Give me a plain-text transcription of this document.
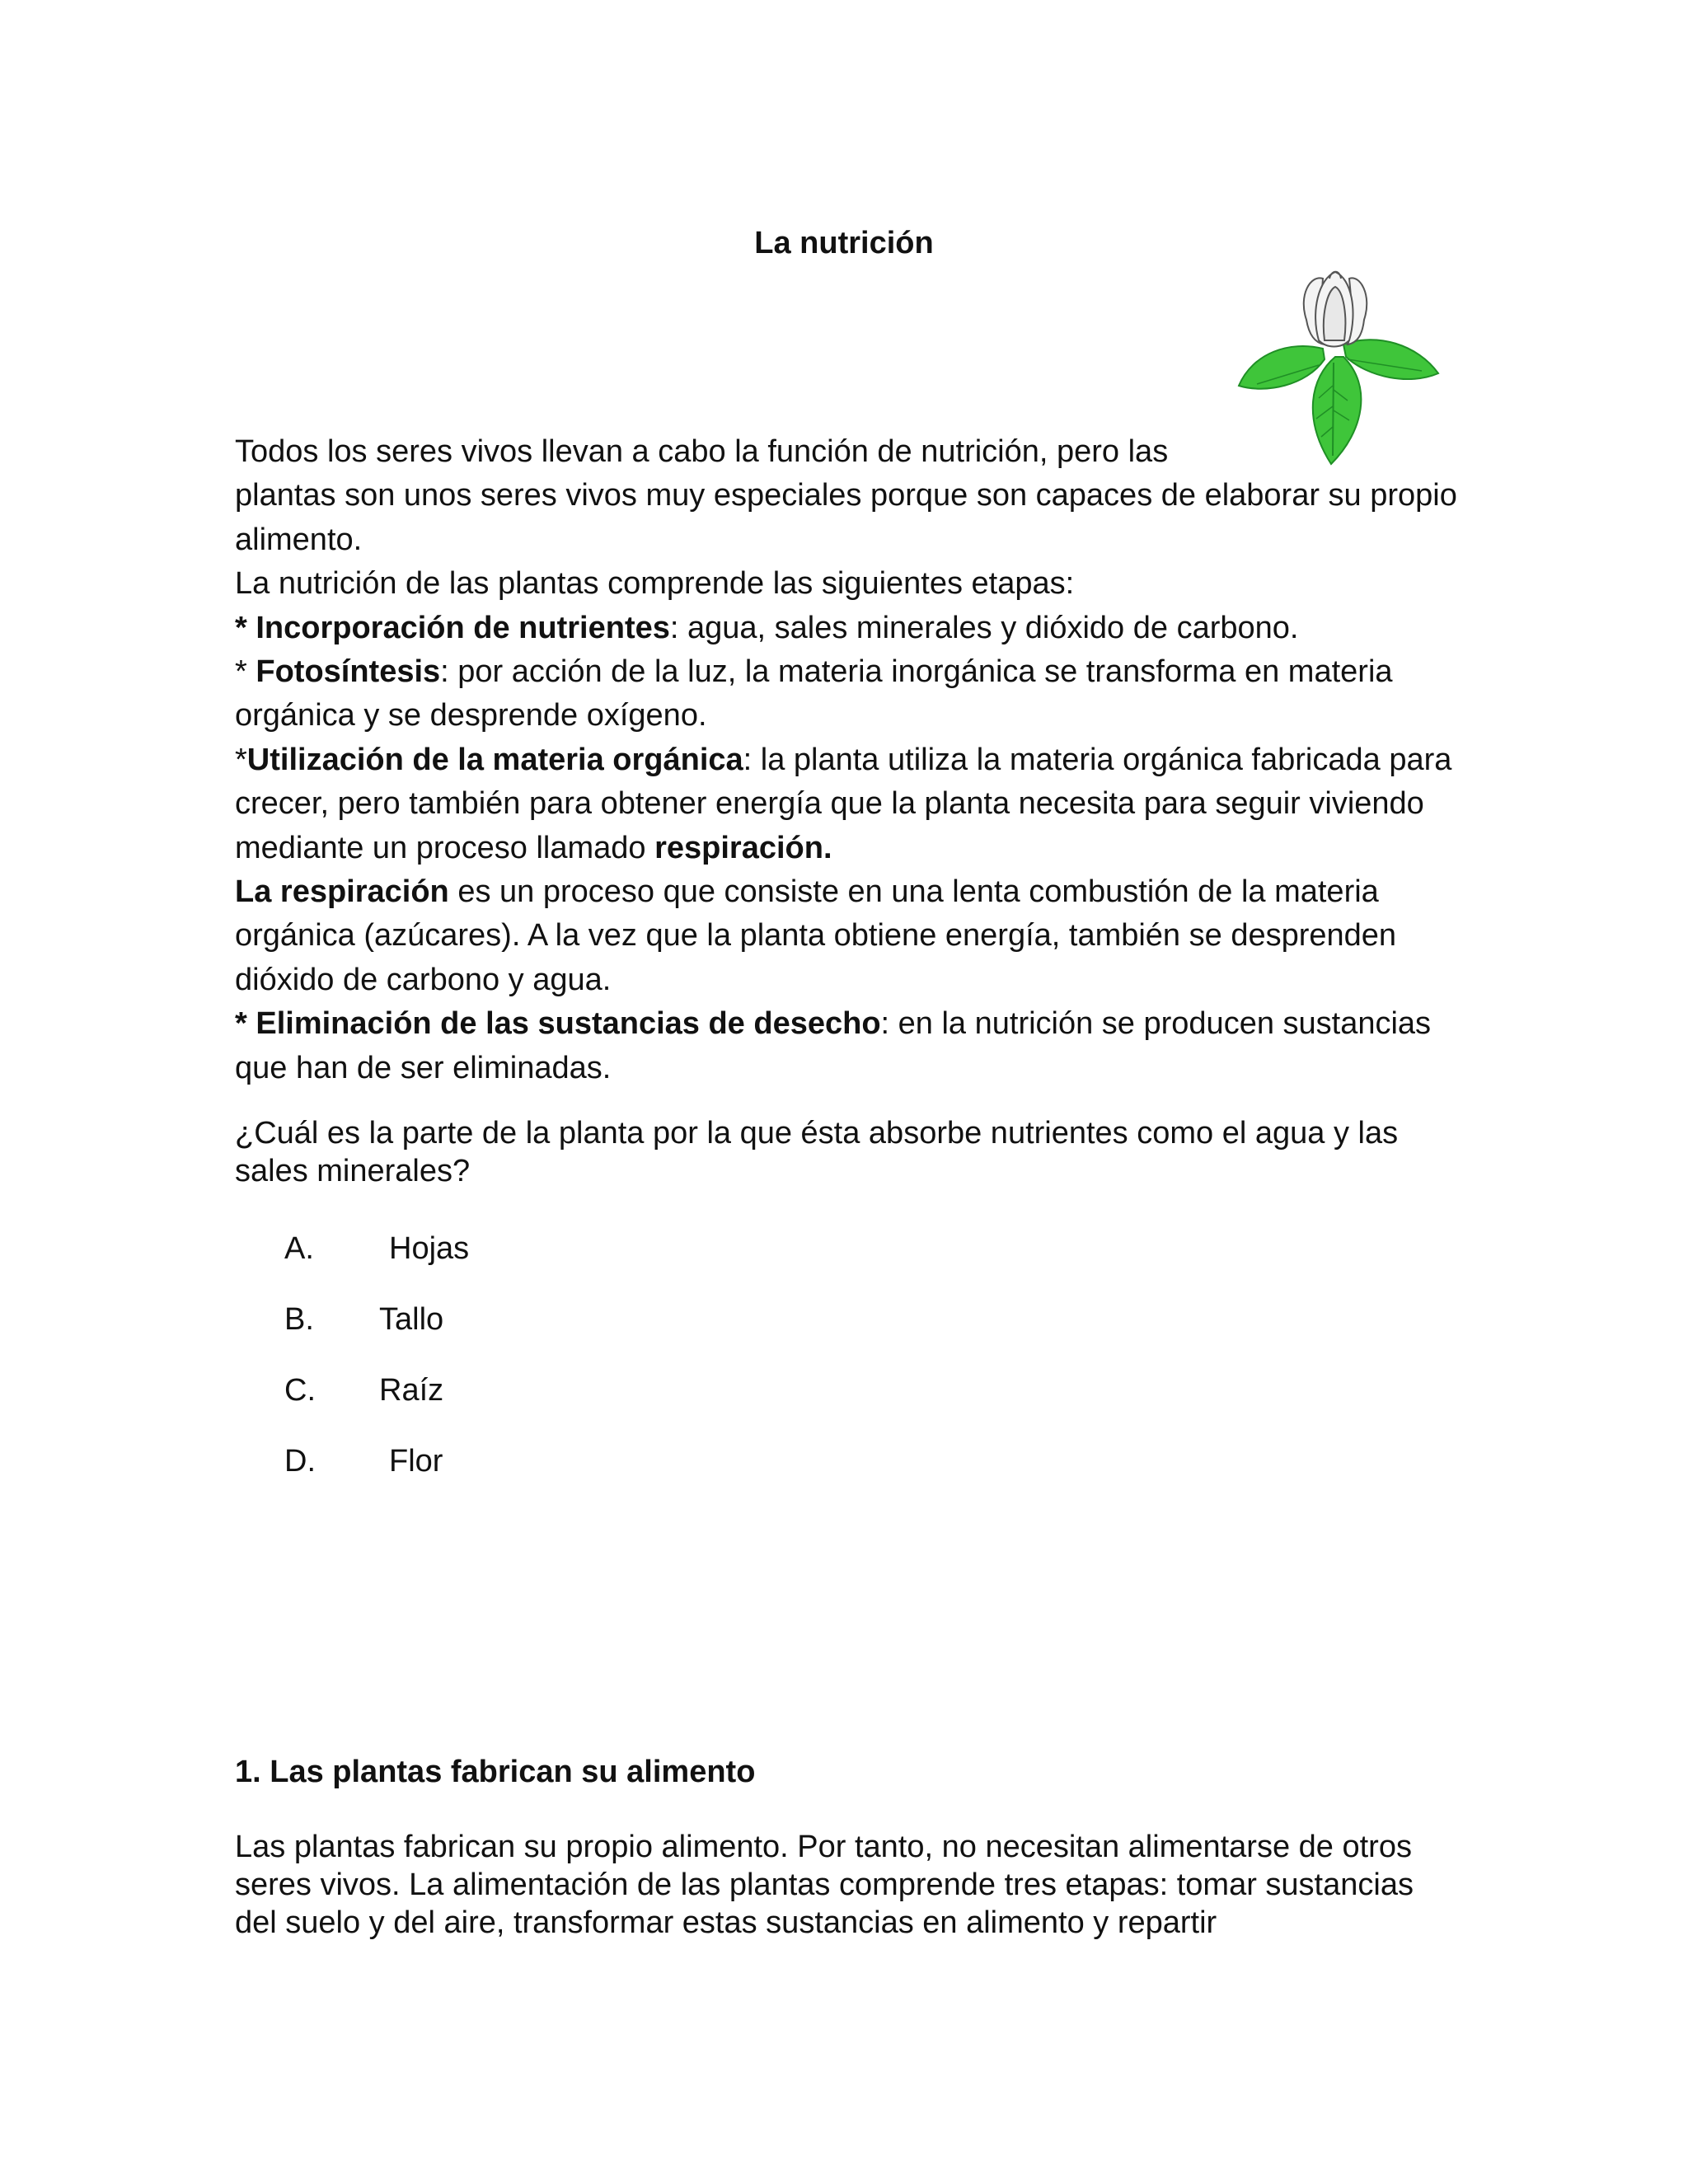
La nutrición

Todos los seres vivos llevan a cabo la función de nutrición, pero las

plantas son unos seres vivos muy especiales porque son capaces de elaborar su propio alimento.

La nutrición de las plantas comprende las siguientes etapas:

* Incorporación de nutrientes: agua, sales minerales y dióxido de carbono.

* Fotosíntesis: por acción de la luz, la materia inorgánica se transforma en materia orgánica y se desprende oxígeno.

*Utilización de la materia orgánica: la planta utiliza la materia orgánica fabricada para crecer, pero también para obtener energía que la planta necesita para seguir viviendo mediante un proceso llamado respiración.

La respiración es un proceso que consiste en una lenta combustión de la materia orgánica (azúcares). A la vez que la planta obtiene energía, también se desprenden dióxido de carbono y agua.

* Eliminación de las sustancias de desecho: en la nutrición se producen sustancias que han de ser eliminadas.

¿Cuál es la parte de la planta por la que ésta absorbe nutrientes como el agua y las sales minerales?
A.	Hojas
B.	Tallo
C.	Raíz
D.	Flor
1. Las plantas fabrican su alimento
Las plantas fabrican su propio alimento. Por tanto, no necesitan alimentarse de otros seres vivos. La alimentación de las plantas comprende tres etapas: tomar sustancias del suelo y del aire, transformar estas sustancias en alimento y repartir
